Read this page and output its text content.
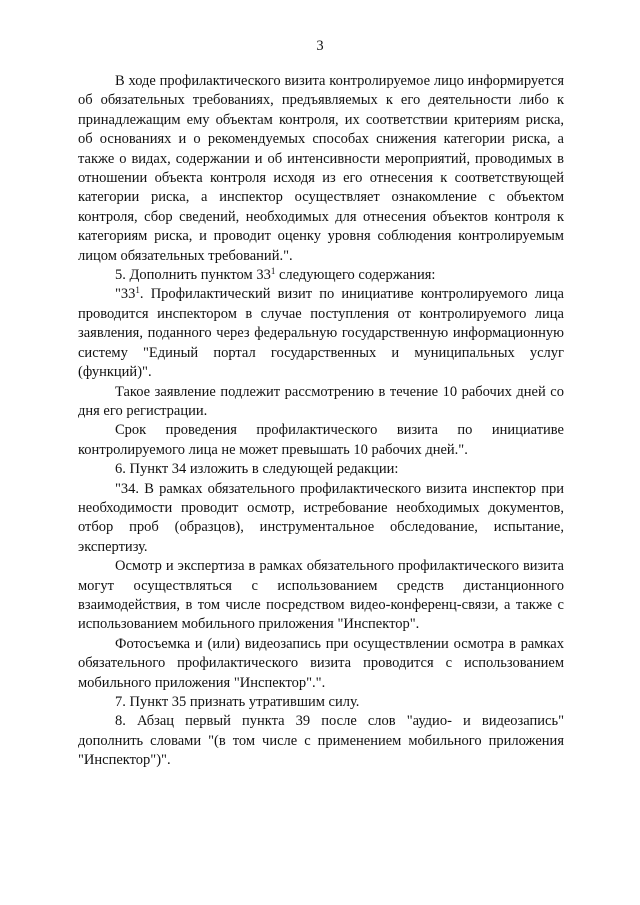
3

В ходе профилактического визита контролируемое лицо информируется об обязательных требованиях, предъявляемых к его деятельности либо к принадлежащим ему объектам контроля, их соответствии критериям риска, об основаниях и о рекомендуемых способах снижения категории риска, а также о видах, содержании и об интенсивности мероприятий, проводимых в отношении объекта контроля исходя из его отнесения к соответствующей категории риска, а инспектор осуществляет ознакомление с объектом контроля, сбор сведений, необходимых для отнесения объектов контроля к категориям риска, и проводит оценку уровня соблюдения контролируемым лицом обязательных требований.".

5. Дополнить пунктом $33^1$ следующего содержания:

"$33^1$. Профилактический визит по инициативе контролируемого лица проводится инспектором в случае поступления от контролируемого лица заявления, поданного через федеральную государственную информационную систему "Единый портал государственных и муниципальных услуг (функций)".

Такое заявление подлежит рассмотрению в течение 10 рабочих дней со дня его регистрации.

Срок проведения профилактического визита по инициативе контролируемого лица не может превышать 10 рабочих дней.".

6. Пункт 34 изложить в следующей редакции:

"34. В рамках обязательного профилактического визита инспектор при необходимости проводит осмотр, истребование необходимых документов, отбор проб (образцов), инструментальное обследование, испытание, экспертизу.

Осмотр и экспертиза в рамках обязательного профилактического визита могут осуществляться с использованием средств дистанционного взаимодействия, в том числе посредством видео-конференц-связи, а также с использованием мобильного приложения "Инспектор".

Фотосъемка и (или) видеозапись при осуществлении осмотра в рамках обязательного профилактического визита проводится с использованием мобильного приложения "Инспектор".".

7. Пункт 35 признать утратившим силу.

8. Абзац первый пункта 39 после слов "аудио- и видеозапись" дополнить словами "(в том числе с применением мобильного приложения "Инспектор")".
